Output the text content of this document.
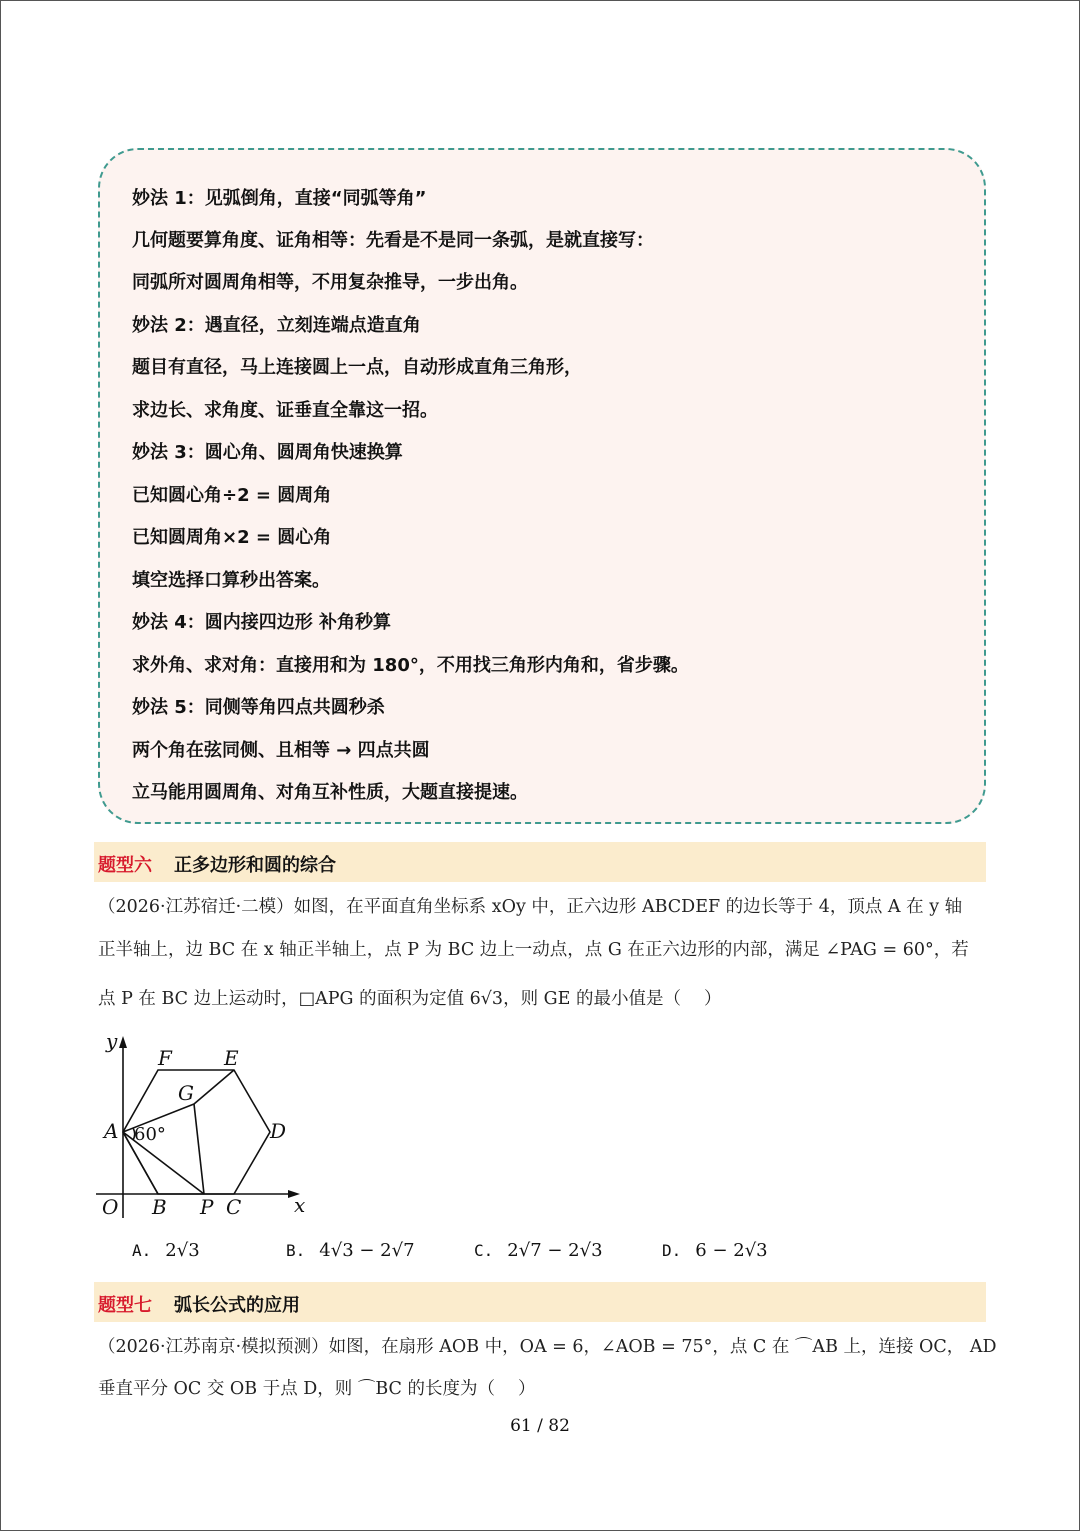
妙法 1：见弧倒角，直接“同弧等角”
几何题要算角度、证角相等：先看是不是同一条弧，是就直接写：
同弧所对圆周角相等，不用复杂推导，一步出角。
妙法 2：遇直径，立刻连端点造直角
题目有直径，马上连接圆上一点，自动形成直角三角形，
求边长、求角度、证垂直全靠这一招。
妙法 3：圆心角、圆周角快速换算
已知圆心角÷2 = 圆周角
已知圆周角×2 = 圆心角
填空选择口算秒出答案。
妙法 4：圆内接四边形 补角秒算
求外角、求对角：直接用和为 180°，不用找三角形内角和，省步骤。
妙法 5：同侧等角四点共圆秒杀
两个角在弦同侧、且相等 → 四点共圆
立马能用圆周角、对角互补性质，大题直接提速。
题型六 正多边形和圆的综合
（2026·江苏宿迁·二模）如图，在平面直角坐标系 xOy 中，正六边形 ABCDEF 的边长等于 4，顶点 A 在 y 轴
正半轴上，边 BC 在 x 轴正半轴上，点 P 为 BC 边上一动点，点 G 在正六边形的内部，满足 ∠PAG = 60°，若
点 P 在 BC 边上运动时，□APG 的面积为定值 6√3，则 GE 的最小值是（　 ）
y
x
O
A
B P C
D
E
F
G
60°
A. 2√3	B. 4√3 − 2√7	C. 2√7 − 2√3	D. 6 − 2√3
题型七 弧长公式的应用
（2026·江苏南京·模拟预测）如图，在扇形 AOB 中，OA = 6，∠AOB = 75°，点 C 在 ⌒AB 上，连接 OC， AD
垂直平分 OC 交 OB 于点 D，则 ⌒BC 的长度为（　 ）
61 / 82
